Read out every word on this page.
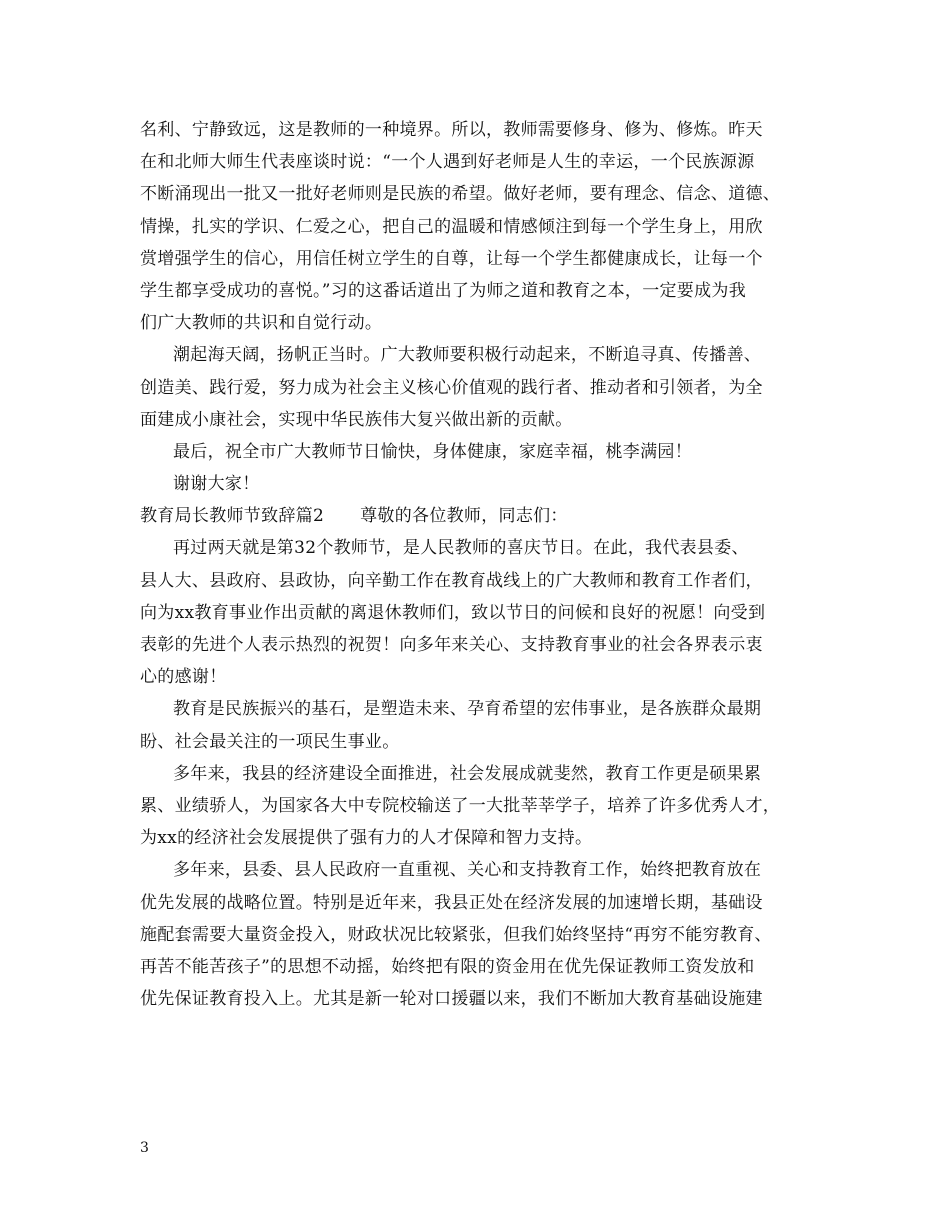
名利、宁静致远，这是教师的一种境界。所以，教师需要修身、修为、修炼。昨天
在和北师大师生代表座谈时说：“一个人遇到好老师是人生的幸运，一个民族源源
不断涌现出一批又一批好老师则是民族的希望。做好老师，要有理念、信念、道德、
情操，扎实的学识、仁爱之心，把自己的温暖和情感倾注到每一个学生身上，用欣
赏增强学生的信心，用信任树立学生的自尊，让每一个学生都健康成长，让每一个
学生都享受成功的喜悦。”习的这番话道出了为师之道和教育之本，一定要成为我
们广大教师的共识和自觉行动。
潮起海天阔，扬帆正当时。广大教师要积极行动起来，不断追寻真、传播善、
创造美、践行爱，努力成为社会主义核心价值观的践行者、推动者和引领者，为全
面建成小康社会，实现中华民族伟大复兴做出新的贡献。
最后，祝全市广大教师节日愉快，身体健康，家庭幸福，桃李满园！
谢谢大家！
教育局长教师节致辞篇2 尊敬的各位教师，同志们：
再过两天就是第32个教师节，是人民教师的喜庆节日。在此，我代表县委、
县人大、县政府、县政协，向辛勤工作在教育战线上的广大教师和教育工作者们，
向为xx教育事业作出贡献的离退休教师们，致以节日的问候和良好的祝愿！向受到
表彰的先进个人表示热烈的祝贺！向多年来关心、支持教育事业的社会各界表示衷
心的感谢！
教育是民族振兴的基石，是塑造未来、孕育希望的宏伟事业，是各族群众最期
盼、社会最关注的一项民生事业。
多年来，我县的经济建设全面推进，社会发展成就斐然，教育工作更是硕果累
累、业绩骄人，为国家各大中专院校输送了一大批莘莘学子，培养了许多优秀人才，
为xx的经济社会发展提供了强有力的人才保障和智力支持。
多年来，县委、县人民政府一直重视、关心和支持教育工作，始终把教育放在
优先发展的战略位置。特别是近年来，我县正处在经济发展的加速增长期，基础设
施配套需要大量资金投入，财政状况比较紧张，但我们始终坚持“再穷不能穷教育、
再苦不能苦孩子”的思想不动摇，始终把有限的资金用在优先保证教师工资发放和
优先保证教育投入上。尤其是新一轮对口援疆以来，我们不断加大教育基础设施建
3
